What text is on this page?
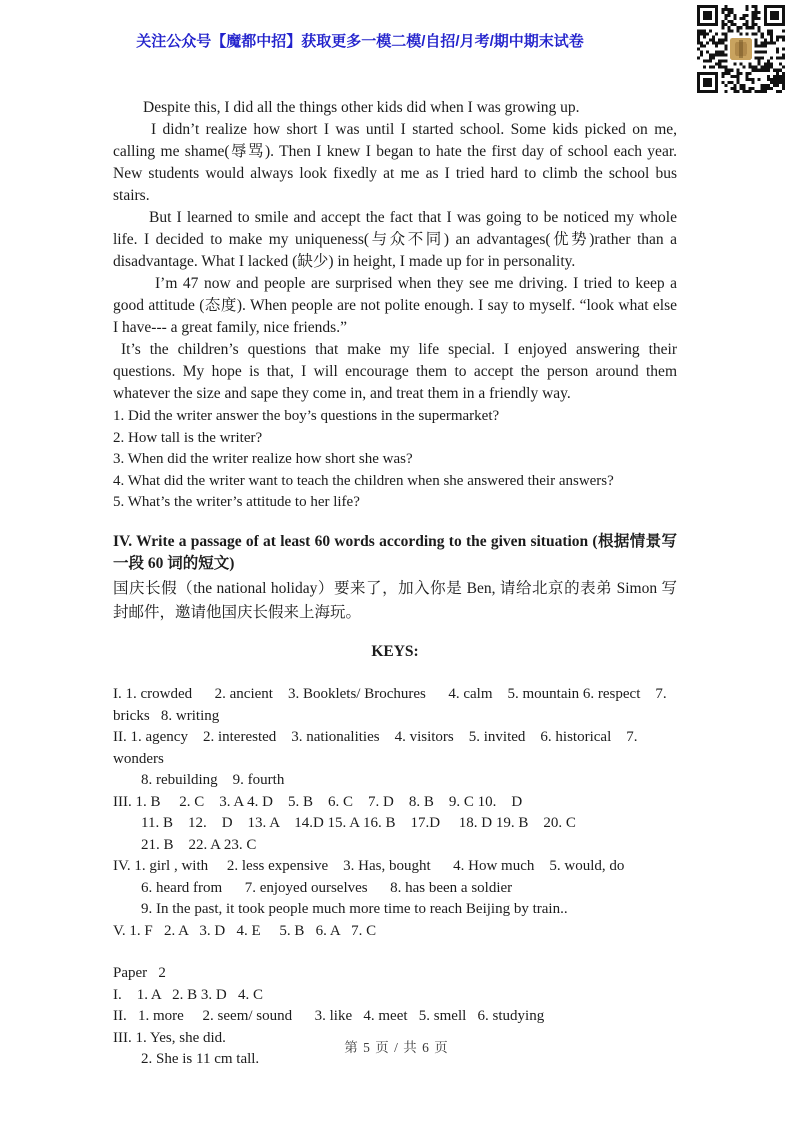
关注公众号【魔都中招】获取更多一模二模/自招/月考/期中期末试卷

Despite this, I did all the things other kids did when I was growing up.

I didn’t realize how short I was until I started school. Some kids picked on me, calling me shame(辱骂). Then I knew I began to hate the first day of school each year. New students would always look fixedly at me as I tried hard to climb the school bus stairs.

But I learned to smile and accept the fact that I was going to be noticed my whole life. I decided to make my uniqueness(与众不同) an advantages(优势)rather than a disadvantage. What I lacked (缺少) in height, I made up for in personality.

I’m 47 now and people are surprised when they see me driving. I tried to keep a good attitude (态度). When people are not polite enough. I say to myself. “look what else I have--- a great family, nice friends.”

It’s the children’s questions that make my life special. I enjoyed answering their questions. My hope is that, I will encourage them to accept the person around them whatever the size and sape they come in, and treat them in a friendly way.

1. Did the writer answer the boy’s questions in the supermarket?
2. How tall is the writer?
3. When did the writer realize how short she was?
4. What did the writer want to teach the children when she answered their answers?
5. What’s the writer’s attitude to her life?
IV. Write a passage of at least 60 words according to the given situation (根据情景写一段 60 词的短文)
国庆长假（the national holiday）要来了，加入你是 Ben, 请给北京的表弟 Simon 写封邮件，邀请他国庆长假来上海玩。
KEYS:
I. 1. crowded      2. ancient    3. Booklets/ Brochures      4. calm    5. mountain 6. respect    7.
bricks   8. writing
II. 1. agency    2. interested    3. nationalities    4. visitors    5. invited    6. historical    7. wonders
8. rebuilding    9. fourth
III. 1. B     2. C    3. A 4. D    5. B    6. C    7. D    8. B    9. C 10.    D
11. B    12.    D    13. A    14.D 15. A 16. B    17.D     18. D 19. B    20. C
21. B    22. A 23. C
IV. 1. girl , with     2. less expensive    3. Has, bought      4. How much    5. would, do
6. heard from      7. enjoyed ourselves      8. has been a soldier
9. In the past, it took people much more time to reach Beijing by train..
V. 1. F   2. A   3. D   4. E     5. B   6. A   7. C
Paper   2
I.    1. A   2. B 3. D   4. C
II.   1. more     2. seem/ sound      3. like   4. meet   5. smell   6. studying
III. 1. Yes, she did.
2. She is 11 cm tall.
第 5 页 / 共 6 页
